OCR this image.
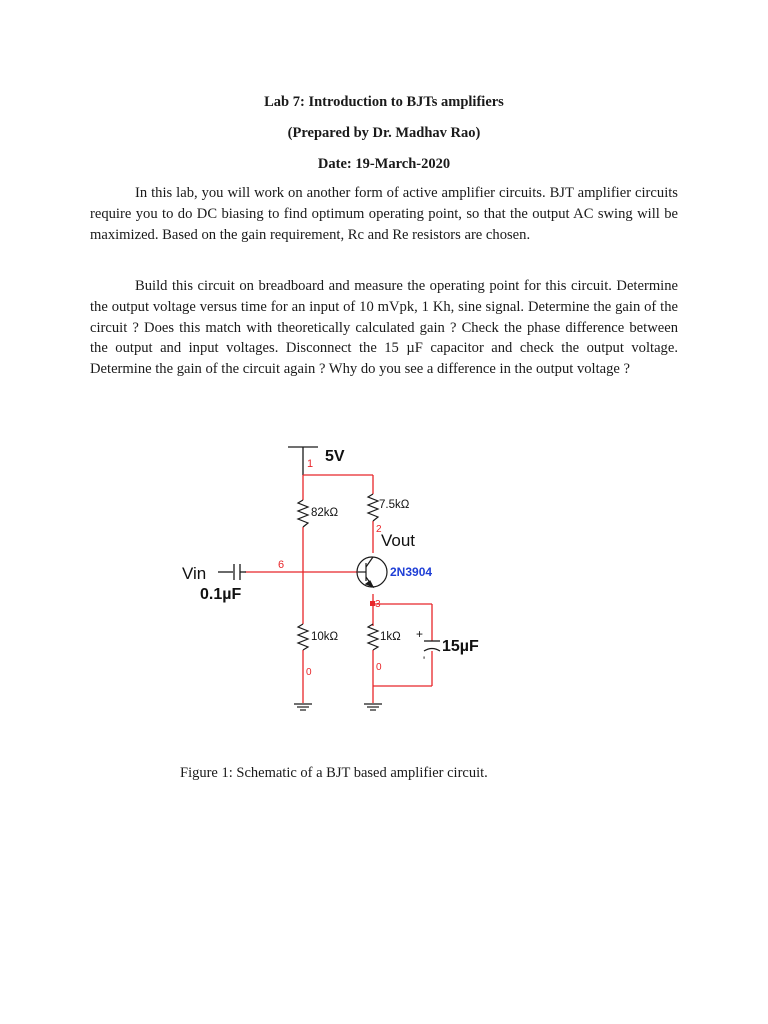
Lab 7: Introduction to BJTs amplifiers
(Prepared by Dr. Madhav Rao)
Date: 19-March-2020

In this lab, you will work on another form of active amplifier circuits. BJT amplifier circuits require you to do DC biasing to find optimum operating point, so that the output AC swing will be maximized. Based on the gain requirement, Rc and Re resistors are chosen.

Build this circuit on breadboard and measure the operating point for this circuit. Determine the output voltage versus time for an input of 10 mVpk, 1 Kh, sine signal. Determine the gain of the circuit ? Does this match with theoretically calculated gain ? Check the phase difference between the output and input voltages. Disconnect the 15 µF capacitor and check the output voltage. Determine the gain of the circuit again ? Why do you see a difference in the output voltage ?

5V
1
82kΩ
7.5kΩ
10kΩ	1kΩ
Vin
0.1µF
6	2N3904
2
Vout
3
+
'
15µF
0	0
Figure 1: Schematic of a BJT based amplifier circuit.
